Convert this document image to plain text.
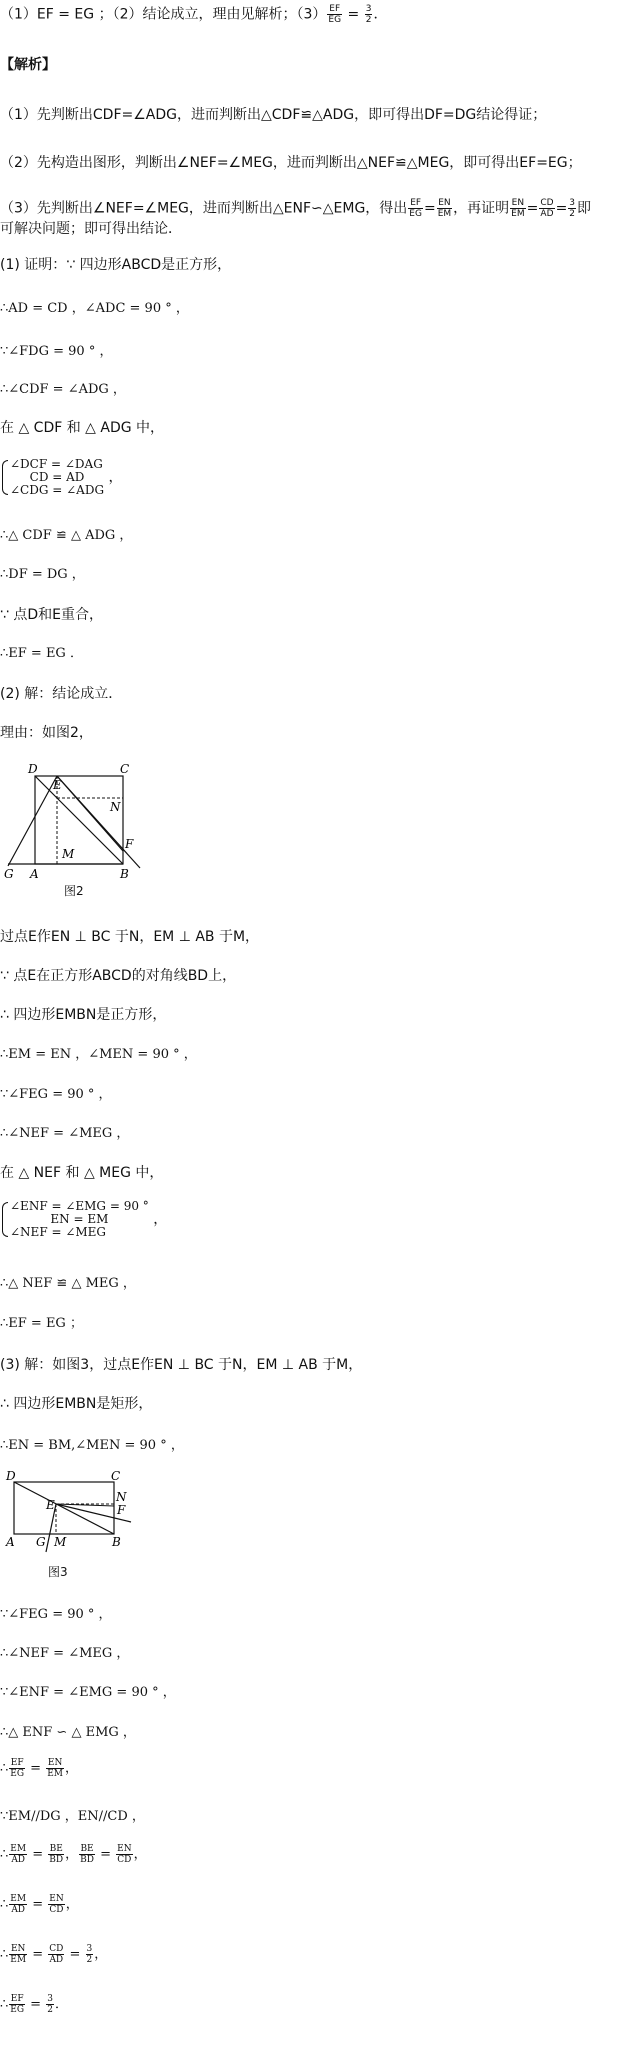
（1）EF = EG ；（2）结论成立，理由见解析；$(3) \frac{EF}{EG} = \frac{3}{2}$ ．
【解析】
（1）先判断出CDF=∠ADG，进而判断出△CDF≌△ADG，即可得出DF=DG结论得证；
（2）先构造出图形，判断出∠NEF=∠MEG，进而判断出△NEF≌△MEG，即可得出EF=EG；
（3）先判断出∠NEF=∠MEG，进而判断出△ENF∽△EMG，得出 $\frac{EF}{EG} = \frac{EN}{EM}$ ，再证明 $\frac{EN}{EM} = \frac{CD}{AD} = \frac{3}{2}$ 即
可解决问题；即可得出结论．
(1) 证明：∵ 四边形ABCD是正方形，
∴AD = CD ，∠ADC = 90 ° ，
∵∠FDG = 90 ° ，
∴∠CDF = ∠ADG ，
在 △ CDF 和 △ ADG 中，
∠DCF = ∠DAG
CD = AD
∠CDG = ∠ADG
，
∴△ CDF ≌ △ ADG ，
∴DF = DG ，
∵ 点D和E重合，
∴EF = EG ．
(2) 解：结论成立．
理由：如图2，
D	C
E
N
F
M
G A	B
图2
过点E作EN ⊥ BC 于N，EM ⊥ AB 于M，
∵ 点E在正方形ABCD的对角线BD上，
∴ 四边形EMBN是正方形，
∴EM = EN ，∠MEN = 90 ° ，
∵∠FEG = 90 ° ，
∴∠NEF = ∠MEG ，
在 △ NEF 和 △ MEG 中，
∠ENF = ∠EMG = 90 °
EN = EM
∠NEF = ∠MEG
，
∴△ NEF ≌ △ MEG ，
∴EF = EG ；
(3) 解：如图3，过点E作EN ⊥ BC 于N，EM ⊥ AB 于M，
∴ 四边形EMBN是矩形，
∴EN = BM,∠MEN = 90 ° ，
D	C
N
E	F
A G M	B
图3
∵∠FEG = 90 ° ，
∴∠NEF = ∠MEG ，
∵∠ENF = ∠EMG = 90 ° ，
∴△ ENF ∽ △ EMG ，
∴ $\frac{EF}{EG} = \frac{EN}{EM}$ ，
∵EM//DG ，EN//CD ，
∴ $\frac{EM}{AD} = \frac{BE}{BD}$ ， $\frac{BE}{BD} = \frac{EN}{CD}$ ，
∴ $\frac{EM}{AD} = \frac{EN}{CD}$ ，
∴ $\frac{EN}{EM} = \frac{CD}{AD} = \frac{3}{2}$ ，
∴ $\frac{EF}{EG} = \frac{3}{2}$ ．
